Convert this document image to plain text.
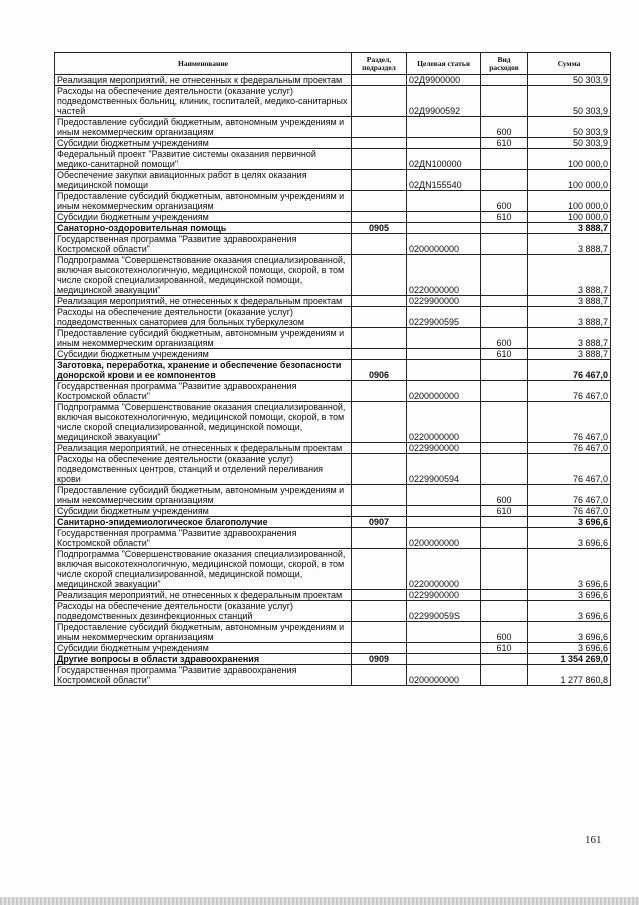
Наименование	Раздел, подраздел	Целевая статья	Вид расходов	Сумма
Реализация мероприятий, не отнесенных к федеральным проектам		02Д9900000		50 303,9
Расходы на обеспечение деятельности (оказание услуг) подведомственных больниц, клиник, госпиталей, медико-санитарных частей		02Д9900592		50 303,9
Предоставление субсидий бюджетным, автономным учреждениям и иным некоммерческим организациям			600	50 303,9
Субсидии бюджетным учреждениям			610	50 303,9
Федеральный проект "Развитие системы оказания первичной медико-санитарной помощи"		02ДN100000		100 000,0
Обеспечение закупки авиационных работ в целях оказания медицинской помощи		02ДN155540		100 000,0
Предоставление субсидий бюджетным, автономным учреждениям и иным некоммерческим организациям			600	100 000,0
Субсидии бюджетным учреждениям			610	100 000,0
Санаторно-оздоровительная помощь	0905			3 888,7
Государственная программа "Развитие здравоохранения Костромской области"		0200000000		3 888,7
Подпрограмма "Совершенствование оказания специализированной, включая высокотехнологичную, медицинской помощи, скорой, в том числе скорой специализированной, медицинской помощи, медицинской эвакуации"		0220000000		3 888,7
Реализация мероприятий, не отнесенных к федеральным проектам		0229900000		3 888,7
Расходы на обеспечение деятельности (оказание услуг) подведомственных санаториев для больных туберкулезом		0229900595		3 888,7
Предоставление субсидий бюджетным, автономным учреждениям и иным некоммерческим организациям			600	3 888,7
Субсидии бюджетным учреждениям			610	3 888,7
Заготовка, переработка, хранение и обеспечение безопасности донорской крови и ее компонентов	0906			76 467,0
Государственная программа "Развитие здравоохранения Костромской области"		0200000000		76 467,0
Подпрограмма "Совершенствование оказания специализированной, включая высокотехнологичную, медицинской помощи, скорой, в том числе скорой специализированной, медицинской помощи, медицинской эвакуации"		0220000000		76 467,0
Реализация мероприятий, не отнесенных к федеральным проектам		0229900000		76 467,0
Расходы на обеспечение деятельности (оказание услуг) подведомственных центров, станций и отделений переливания крови		0229900594		76 467,0
Предоставление субсидий бюджетным, автономным учреждениям и иным некоммерческим организациям			600	76 467,0
Субсидии бюджетным учреждениям			610	76 467,0
Санитарно-эпидемиологическое благополучие	0907			3 696,6
Государственная программа "Развитие здравоохранения Костромской области"		0200000000		3 696,6
Подпрограмма "Совершенствование оказания специализированной, включая высокотехнологичную, медицинской помощи, скорой, в том числе скорой специализированной, медицинской помощи, медицинской эвакуации"		0220000000		3 696,6
Реализация мероприятий, не отнесенных к федеральным проектам		0229900000		3 696,6
Расходы на обеспечение деятельности (оказание услуг) подведомственных дезинфекционных станций		022990059S		3 696,6
Предоставление субсидий бюджетным, автономным учреждениям и иным некоммерческим организациям			600	3 696,6
Субсидии бюджетным учреждениям			610	3 696,6
Другие вопросы в области здравоохранения	0909			1 354 269,0
Государственная программа "Развитие здравоохранения Костромской области"		0200000000		1 277 860,8
161
